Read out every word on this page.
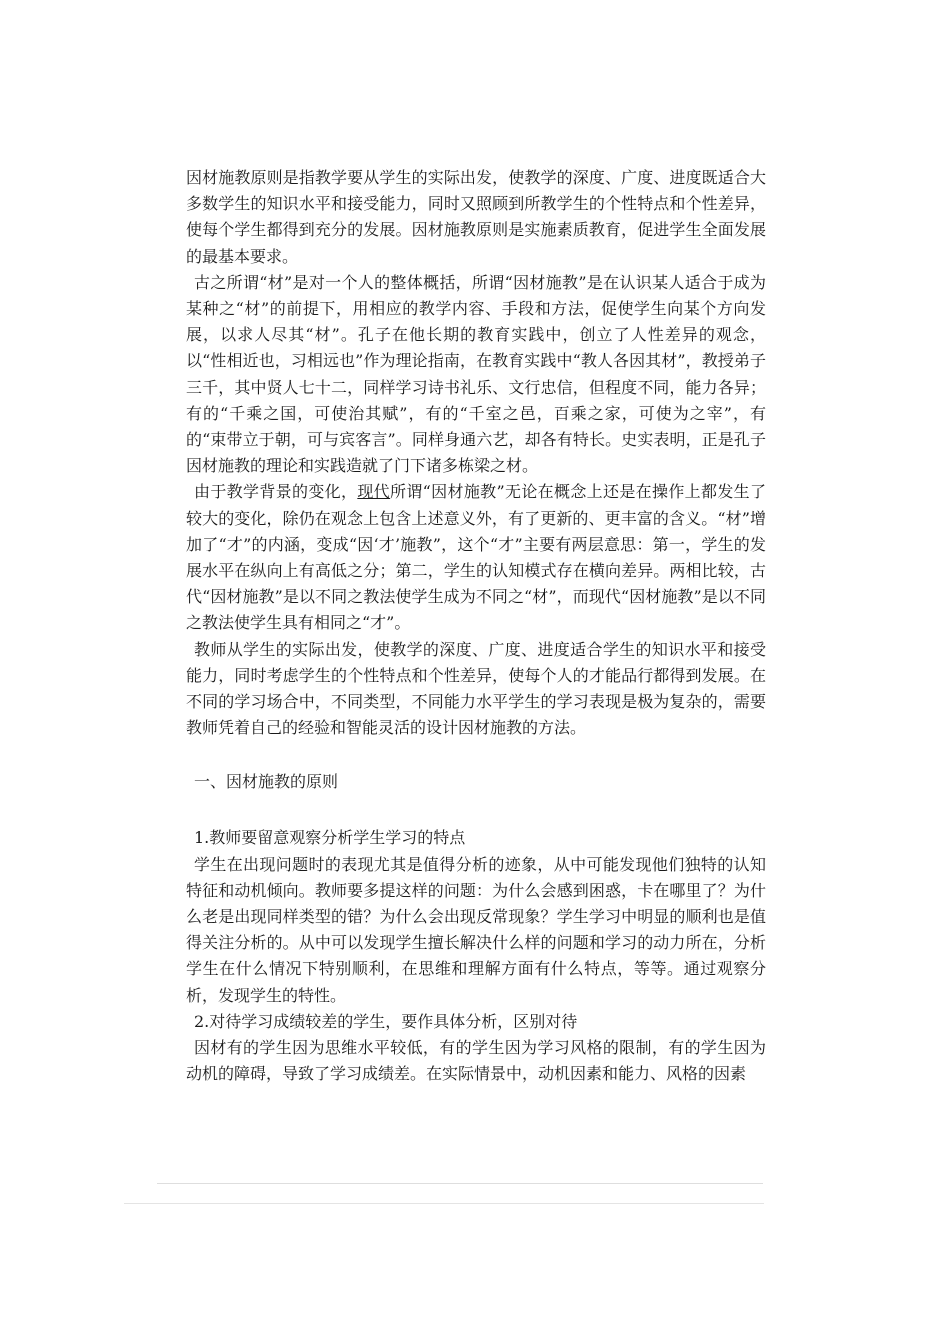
因材施教原则是指教学要从学生的实际出发，使教学的深度、广度、进度既适合大多数学生的知识水平和接受能力，同时又照顾到所教学生的个性特点和个性差异，使每个学生都得到充分的发展。因材施教原则是实施素质教育，促进学生全面发展的最基本要求。

古之所谓“材”是对一个人的整体概括，所谓“因材施教”是在认识某人适合于成为某种之“材”的前提下，用相应的教学内容、手段和方法，促使学生向某个方向发展，以求人尽其“材”。孔子在他长期的教育实践中，创立了人性差异的观念，以“性相近也，习相远也”作为理论指南，在教育实践中“教人各因其材”，教授弟子三千，其中贤人七十二，同样学习诗书礼乐、文行忠信，但程度不同，能力各异；有的“千乘之国，可使治其赋”，有的“千室之邑，百乘之家，可使为之宰”，有的“束带立于朝，可与宾客言”。同样身通六艺，却各有特长。史实表明，正是孔子因材施教的理论和实践造就了门下诸多栋梁之材。

由于教学背景的变化，现代所谓“因材施教”无论在概念上还是在操作上都发生了较大的变化，除仍在观念上包含上述意义外，有了更新的、更丰富的含义。“材”增加了“才”的内涵，变成“因‘才’施教”，这个“才”主要有两层意思：第一，学生的发展水平在纵向上有高低之分；第二，学生的认知模式存在横向差异。两相比较，古代“因材施教”是以不同之教法使学生成为不同之“材”，而现代“因材施教”是以不同之教法使学生具有相同之“才”。

教师从学生的实际出发，使教学的深度、广度、进度适合学生的知识水平和接受能力，同时考虑学生的个性特点和个性差异，使每个人的才能品行都得到发展。在不同的学习场合中，不同类型，不同能力水平学生的学习表现是极为复杂的，需要教师凭着自己的经验和智能灵活的设计因材施教的方法。

一、因材施教的原则

1.教师要留意观察分析学生学习的特点

学生在出现问题时的表现尤其是值得分析的迹象，从中可能发现他们独特的认知特征和动机倾向。教师要多提这样的问题：为什么会感到困惑，卡在哪里了？为什么老是出现同样类型的错？为什么会出现反常现象？学生学习中明显的顺利也是值得关注分析的。从中可以发现学生擅长解决什么样的问题和学习的动力所在，分析学生在什么情况下特别顺利，在思维和理解方面有什么特点，等等。通过观察分析，发现学生的特性。

2.对待学习成绩较差的学生，要作具体分析，区别对待

因材有的学生因为思维水平较低，有的学生因为学习风格的限制，有的学生因为动机的障碍，导致了学习成绩差。在实际情景中，动机因素和能力、风格的因素
